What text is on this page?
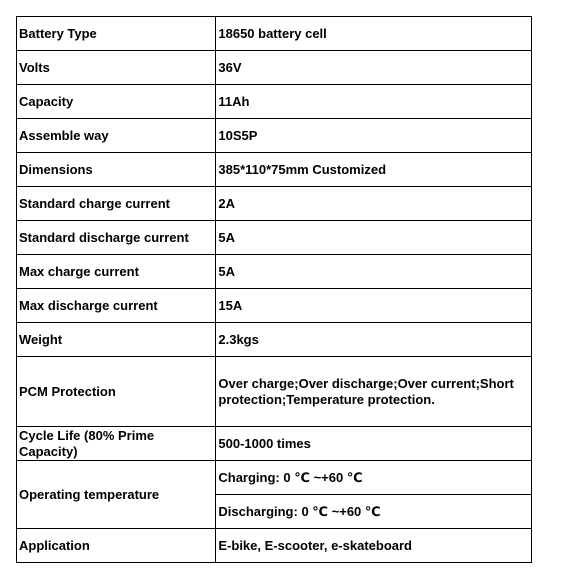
Battery Type	18650 battery cell
Volts	36V
Capacity	11Ah
Assemble way	10S5P
Dimensions	385*110*75mm Customized
Standard charge current	2A
Standard discharge current	5A
Max charge current	5A
Max discharge current	15A
Weight	2.3kgs
PCM Protection	Over charge;Over discharge;Over current;Short
protection;Temperature protection.
Cycle Life (80% Prime Capacity)	500-1000 times
Operating temperature	Charging: 0 ℃ ~+60 ℃
	Discharging: 0 ℃ ~+60 ℃
Application	E-bike, E-scooter, e-skateboard
